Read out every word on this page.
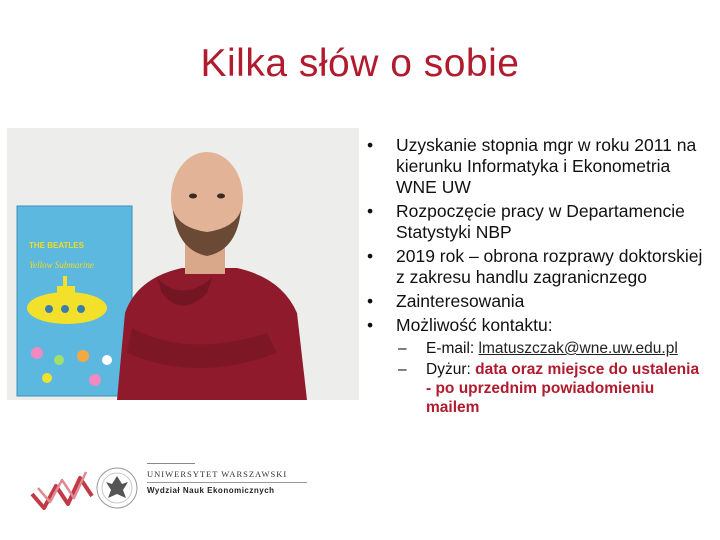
Kilka słów o sobie
THE BEATLES
Yellow Submarine
• Uzyskanie stopnia mgr w roku 2011 na kierunku Informatyka i Ekonometria WNE UW
• Rozpoczęcie pracy w Departamencie Statystyki NBP
• 2019 rok – obrona rozprawy doktorskiej z zakresu handlu zagranicnzego
• Zainteresowania
• Możliwość kontaktu:
– E-mail: lmatuszczak@wne.uw.edu.pl
– Dyżur: data oraz miejsce do ustalenia - po uprzednim powiadomieniu mailem
UNIWERSYTET WARSZAWSKI
Wydział Nauk Ekonomicznych
